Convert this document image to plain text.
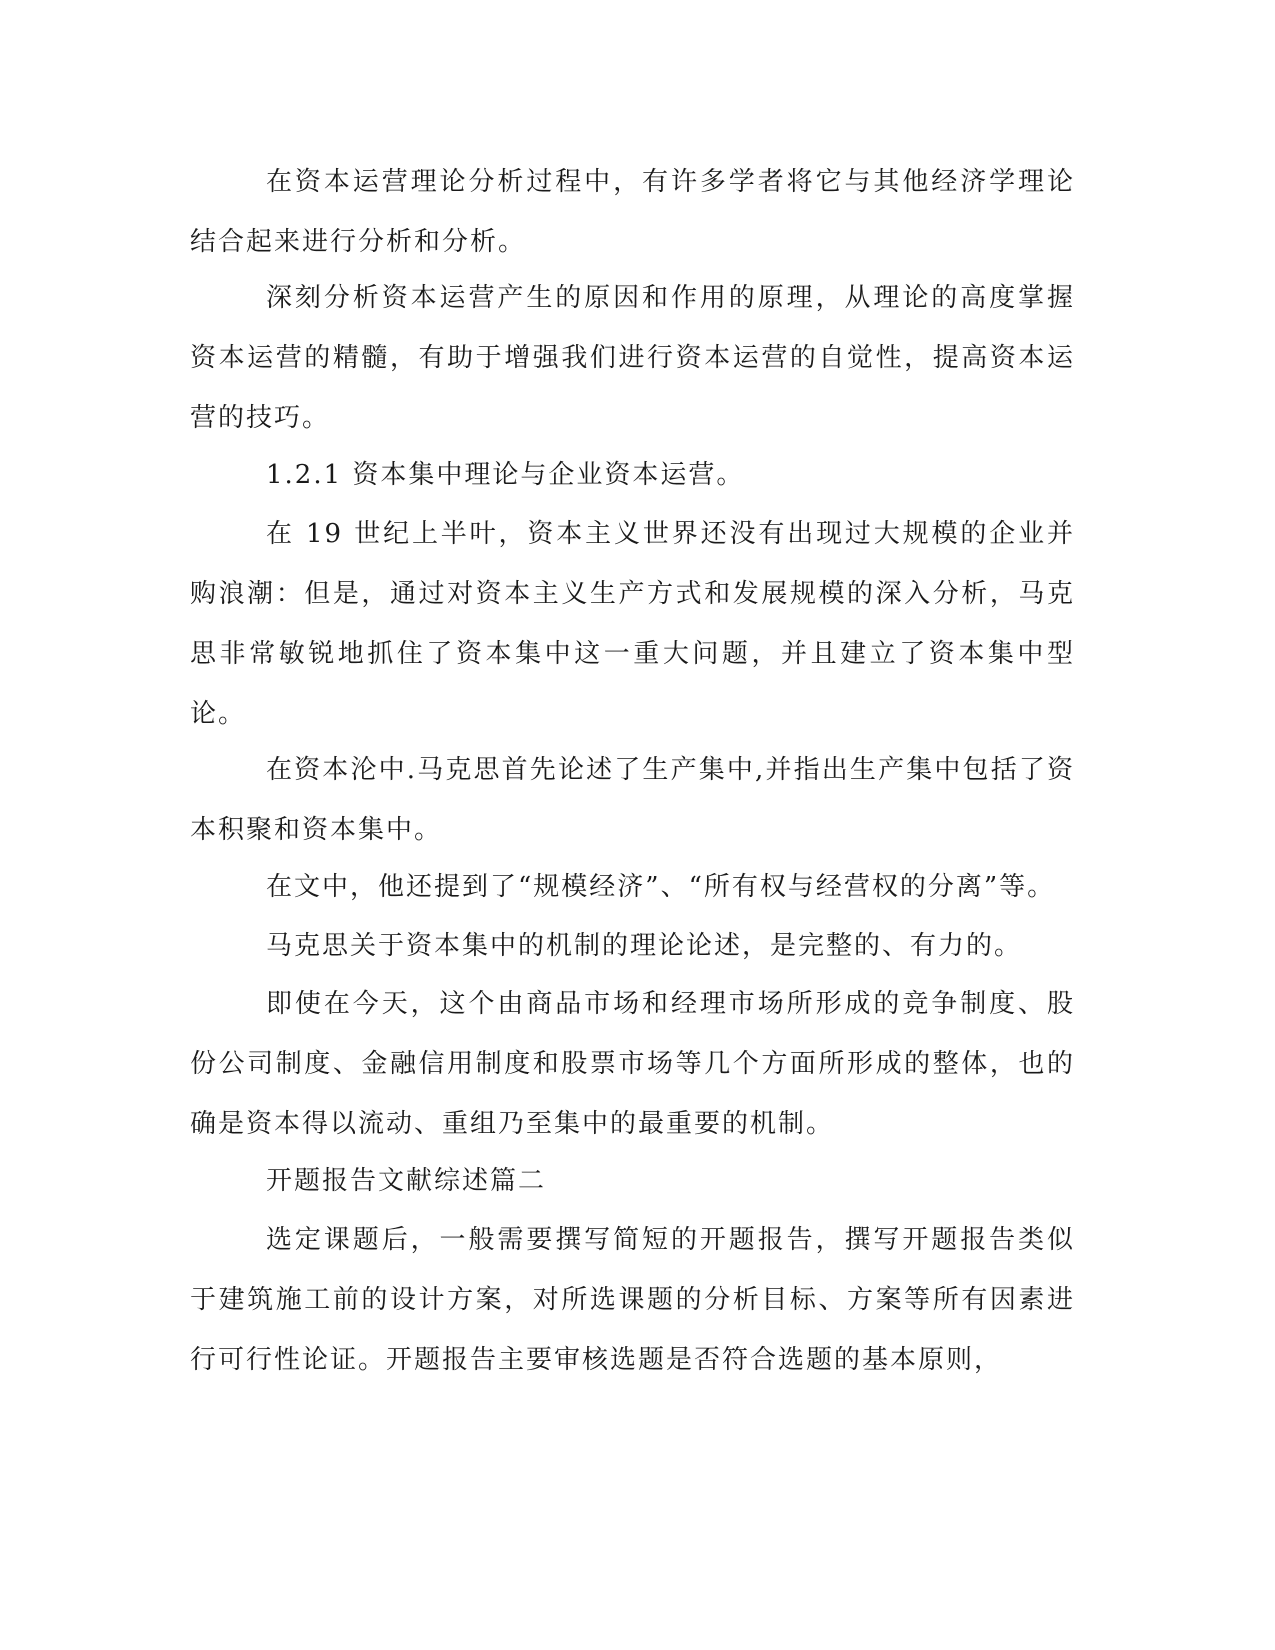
在资本运营理论分析过程中，有许多学者将它与其他经济学理论结合起来进行分析和分析。

深刻分析资本运营产生的原因和作用的原理，从理论的高度掌握资本运营的精髓，有助于增强我们进行资本运营的自觉性，提高资本运营的技巧。

1.2.1 资本集中理论与企业资本运营。

在 19 世纪上半叶，资本主义世界还没有出现过大规模的企业并购浪潮：但是，通过对资本主义生产方式和发展规模的深入分析，马克思非常敏锐地抓住了资本集中这一重大问题，并且建立了资本集中型论。

在资本沦中.马克思首先论述了生产集中,并指出生产集中包括了资本积聚和资本集中。

在文中，他还提到了“规模经济”、“所有权与经营权的分离”等。

马克思关于资本集中的机制的理论论述，是完整的、有力的。

即使在今天，这个由商品市场和经理市场所形成的竞争制度、股份公司制度、金融信用制度和股票市场等几个方面所形成的整体，也的确是资本得以流动、重组乃至集中的最重要的机制。

开题报告文献综述篇二

选定课题后，一般需要撰写简短的开题报告，撰写开题报告类似于建筑施工前的设计方案，对所选课题的分析目标、方案等所有因素进行可行性论证。开题报告主要审核选题是否符合选题的基本原则，
